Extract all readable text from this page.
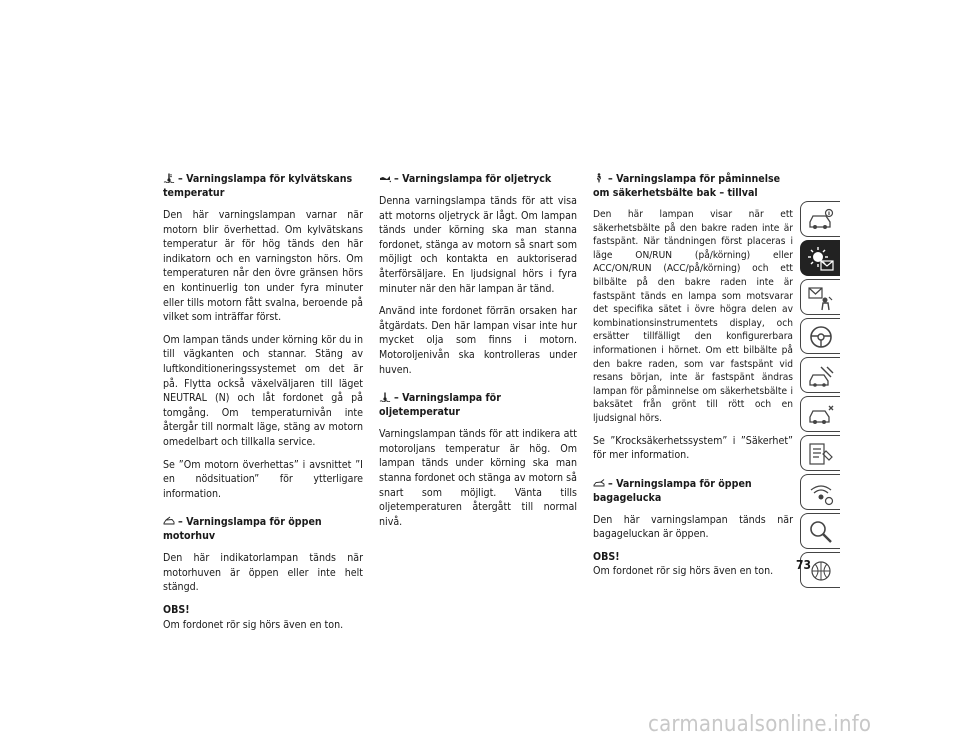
– Varningslampa för kylvätskans temperatur

Den här varningslampan varnar när motorn blir överhettad. Om kylvätskans temperatur är för hög tänds den här indikatorn och en varningston hörs. Om temperaturen når den övre gränsen hörs en kontinuerlig ton under fyra minuter eller tills motorn fått svalna, beroende på vilket som inträffar först.

Om lampan tänds under körning kör du in till vägkanten och stannar. Stäng av luftkonditioneringssystemet om det är på. Flytta också växelväljaren till läget NEUTRAL (N) och låt fordonet gå på tomgång. Om temperaturnivån inte återgår till normalt läge, stäng av motorn omedelbart och tillkalla service.

Se ”Om motorn överhettas” i avsnittet ”I en nödsituation” för ytterligare information.

– Varningslampa för öppen motorhuv

Den här indikatorlampan tänds när motorhuven är öppen eller inte helt stängd.

OBS!

Om fordonet rör sig hörs även en ton.

– Varningslampa för oljetryck

Denna varningslampa tänds för att visa att motorns oljetryck är lågt. Om lampan tänds under körning ska man stanna fordonet, stänga av motorn så snart som möjligt och kontakta en auktoriserad återförsäljare. En ljudsignal hörs i fyra minuter när den här lampan är tänd.

Använd inte fordonet förrän orsaken har åtgärdats. Den här lampan visar inte hur mycket olja som finns i motorn. Motoroljenivån ska kontrolleras under huven.

– Varningslampa för oljetemperatur

Varningslampan tänds för att indikera att motoroljans temperatur är hög. Om lampan tänds under körning ska man stanna fordonet och stänga av motorn så snart som möjligt. Vänta tills oljetemperaturen återgått till normal nivå.

– Varningslampa för påminnelse om säkerhetsbälte bak – tillval

Den här lampan visar när ett säkerhetsbälte på den bakre raden inte är fastspänt. När tändningen först placeras i läge ON/RUN (på/körning) eller ACC/ON/RUN (ACC/på/körning) och ett bilbälte på den bakre raden inte är fastspänt tänds en lampa som motsvarar det specifika sätet i övre högra delen av kombinationsinstrumentets display, och ersätter tillfälligt den konfigurerbara informationen i hörnet. Om ett bilbälte på den bakre raden, som var fastspänt vid resans början, inte är fastspänt ändras lampan för påminnelse om säkerhetsbälte i baksätet från grönt till rött och en ljudsignal hörs.

Se ”Krocksäkerhetssystem” i ”Säkerhet” för mer information.

– Varningslampa för öppen bagagelucka

Den här varningslampan tänds när bagageluckan är öppen.

OBS!

Om fordonet rör sig hörs även en ton.	73
carmanualsonline.info
